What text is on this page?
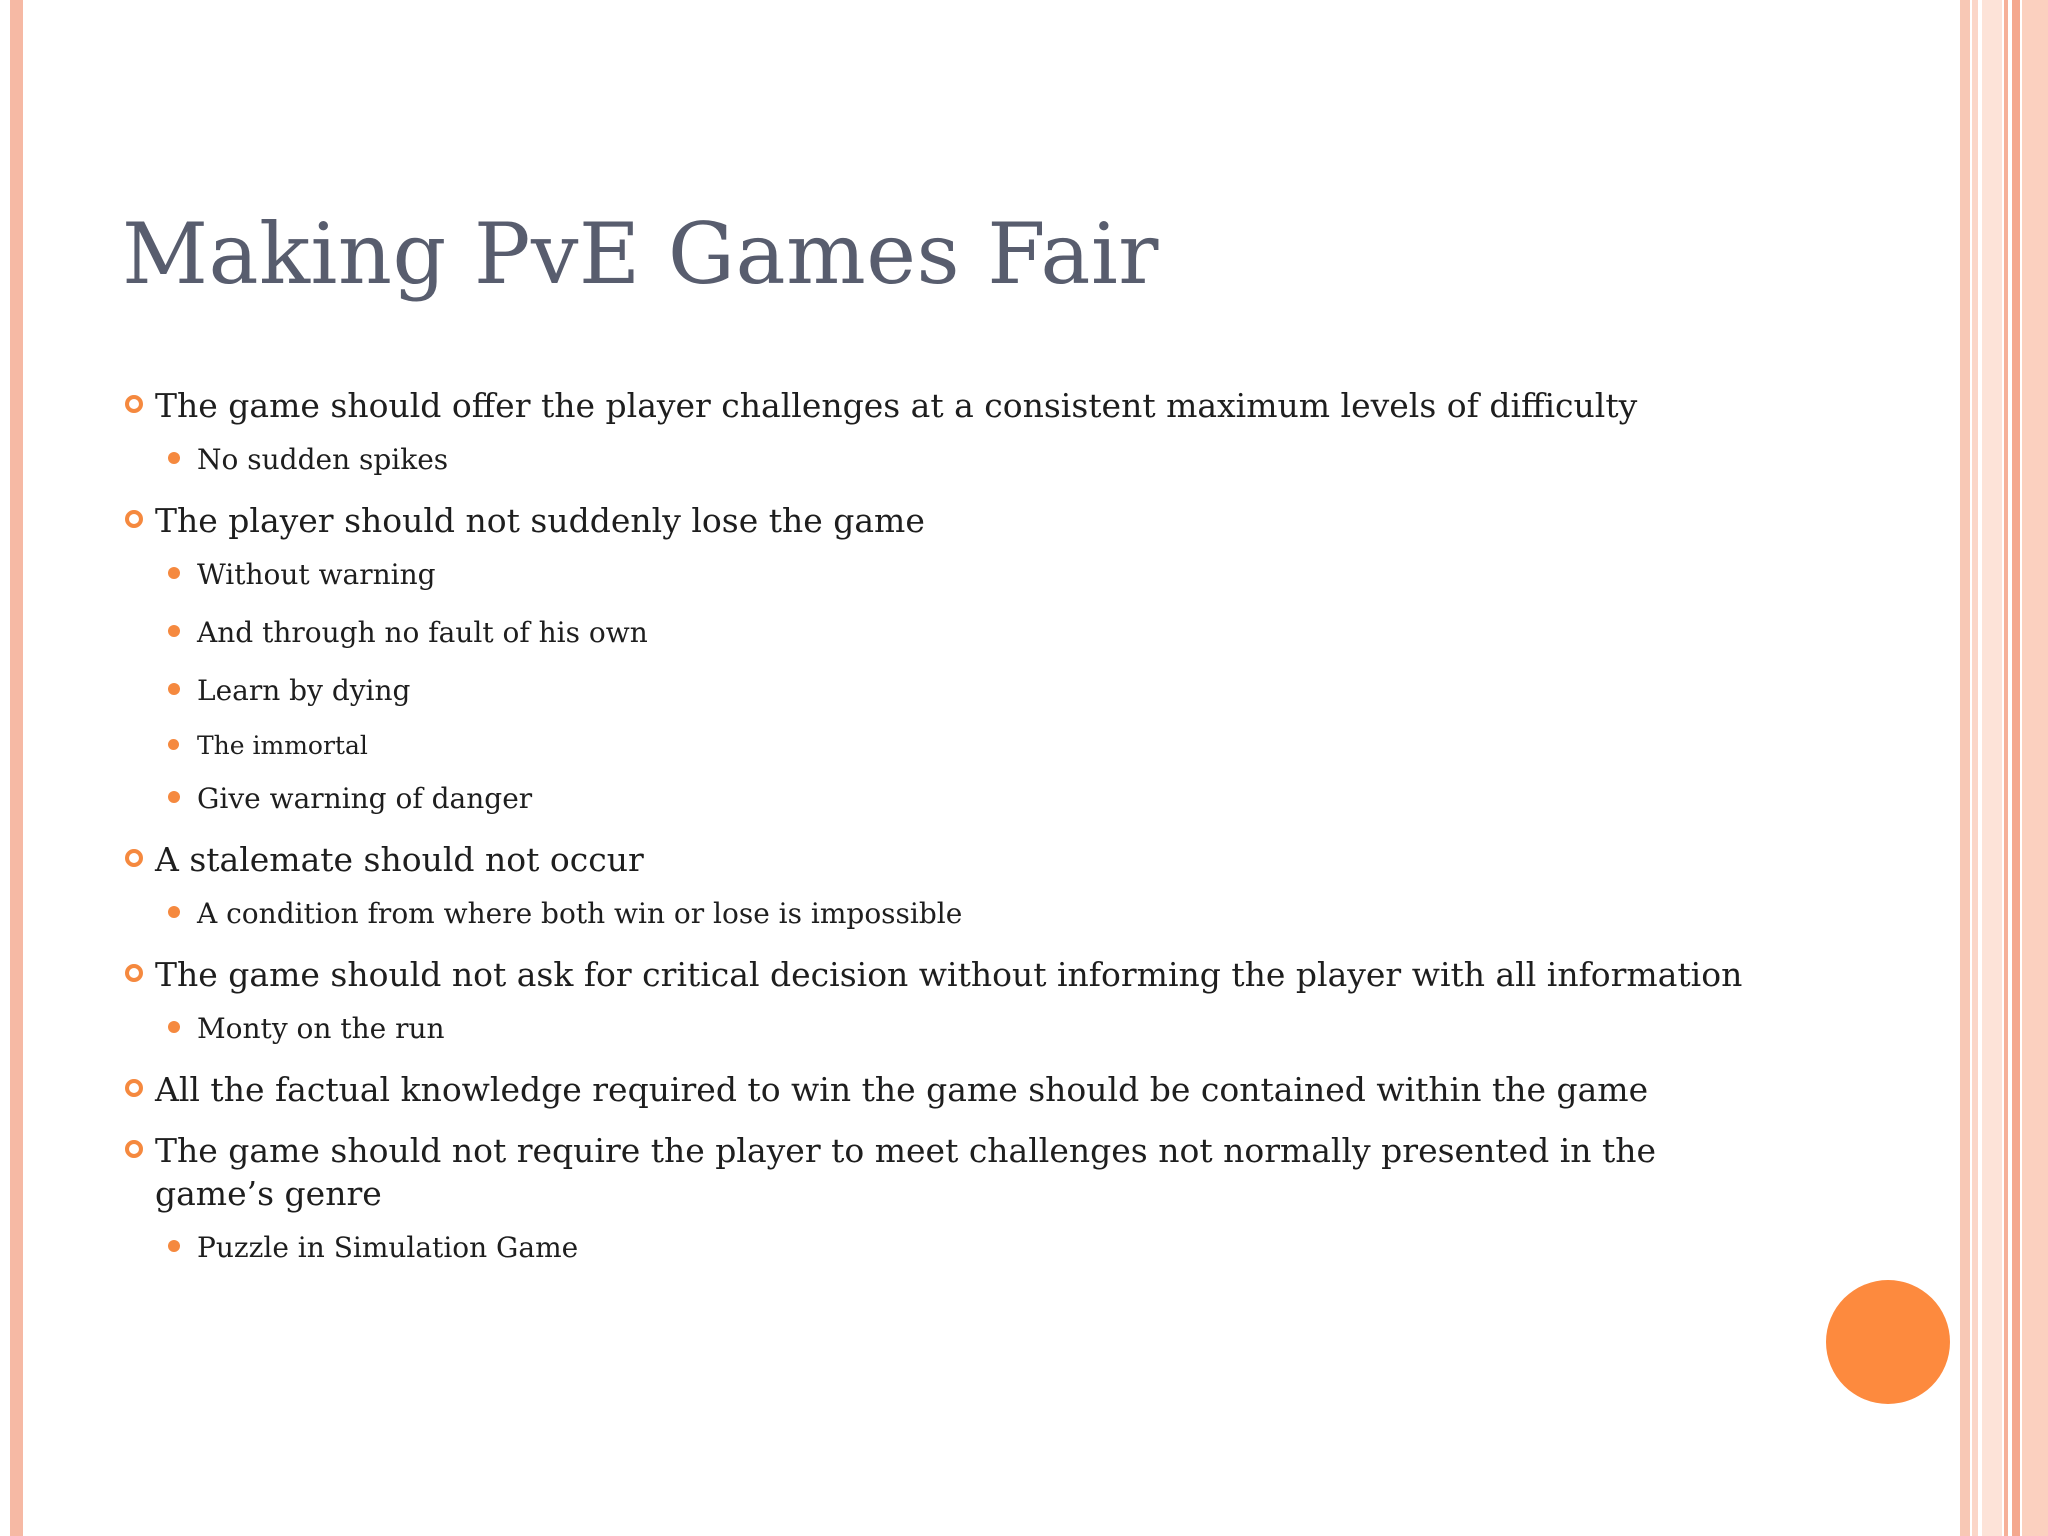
Making PvE Games Fair
The game should offer the player challenges at a consistent maximum levels of difficulty
No sudden spikes
The player should not suddenly lose the game
Without warning
And through no fault of his own
Learn by dying
The immortal
Give warning of danger
A stalemate should not occur
A condition from where both win or lose is impossible
The game should not ask for critical decision without informing the player with all information
Monty on the run
All the factual knowledge required to win the game should be contained within the game
The game should not require the player to meet challenges not normally presented in the game’s genre
Puzzle in Simulation Game
